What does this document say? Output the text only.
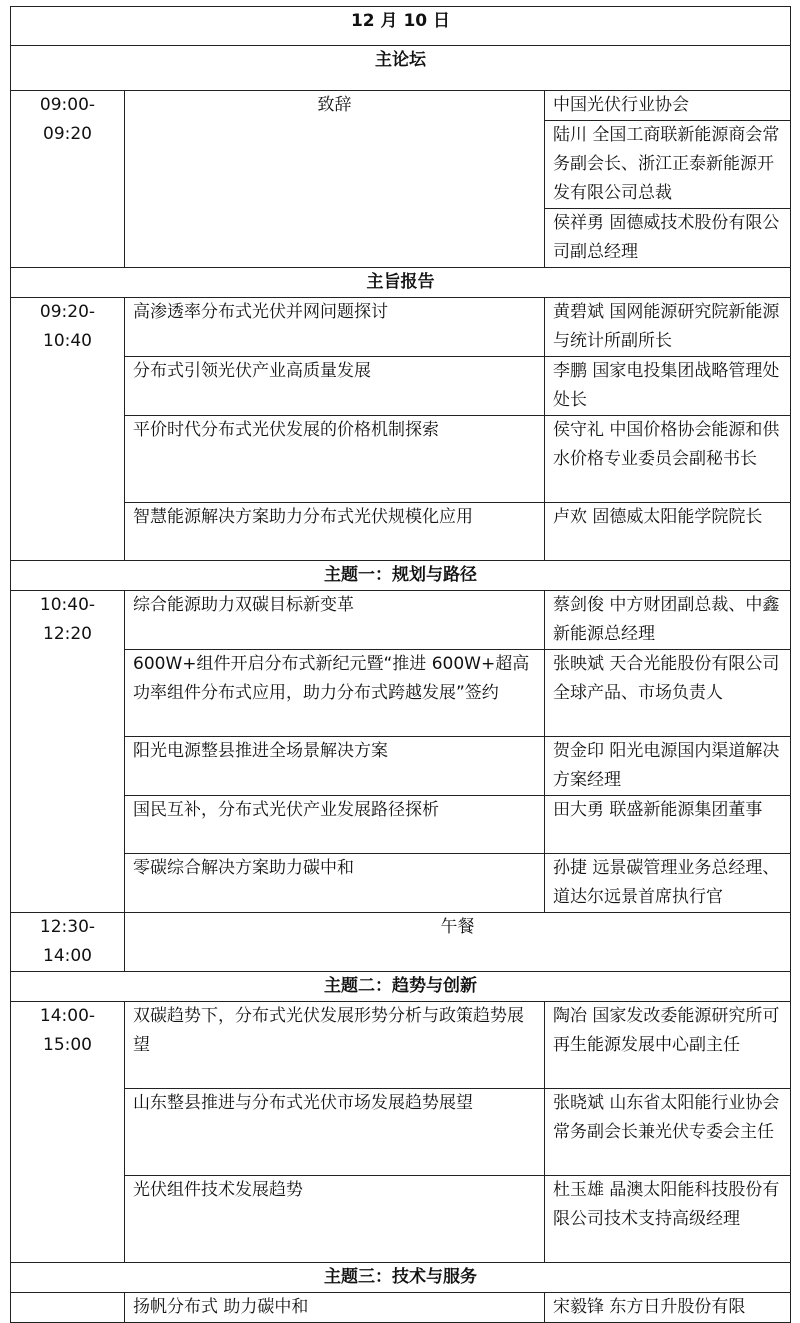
12 月 10 日		
主论坛		
09:00-09:20	致辞	中国光伏行业协会
		陆川 全国工商联新能源商会常务副会长、浙江正泰新能源开发有限公司总裁
		侯祥勇 固德威技术股份有限公司副总经理
主旨报告		
09:20-10:40	高渗透率分布式光伏并网问题探讨	黄碧斌 国网能源研究院新能源与统计所副所长
	分布式引领光伏产业高质量发展	李鹏 国家电投集团战略管理处处长
	平价时代分布式光伏发展的价格机制探索	侯守礼 中国价格协会能源和供水价格专业委员会副秘书长
	智慧能源解决方案助力分布式光伏规模化应用	卢欢 固德威太阳能学院院长
主题一：规划与路径		
10:40-12:20	综合能源助力双碳目标新变革	蔡剑俊 中方财团副总裁、中鑫新能源总经理
	600W+组件开启分布式新纪元暨“推进 600W+超高功率组件分布式应用，助力分布式跨越发展”签约	张映斌 天合光能股份有限公司全球产品、市场负责人
	阳光电源整县推进全场景解决方案	贺金印 阳光电源国内渠道解决方案经理
	国民互补，分布式光伏产业发展路径探析	田大勇 联盛新能源集团董事
	零碳综合解决方案助力碳中和	孙捷 远景碳管理业务总经理、道达尔远景首席执行官
12:30-14:00	午餐	
主题二：趋势与创新		
14:00-15:00	双碳趋势下，分布式光伏发展形势分析与政策趋势展望	陶冶 国家发改委能源研究所可再生能源发展中心副主任
	山东整县推进与分布式光伏市场发展趋势展望	张晓斌 山东省太阳能行业协会常务副会长兼光伏专委会主任
	光伏组件技术发展趋势	杜玉雄 晶澳太阳能科技股份有限公司技术支持高级经理
主题三：技术与服务		
	扬帆分布式 助力碳中和	宋毅锋 东方日升股份有限
